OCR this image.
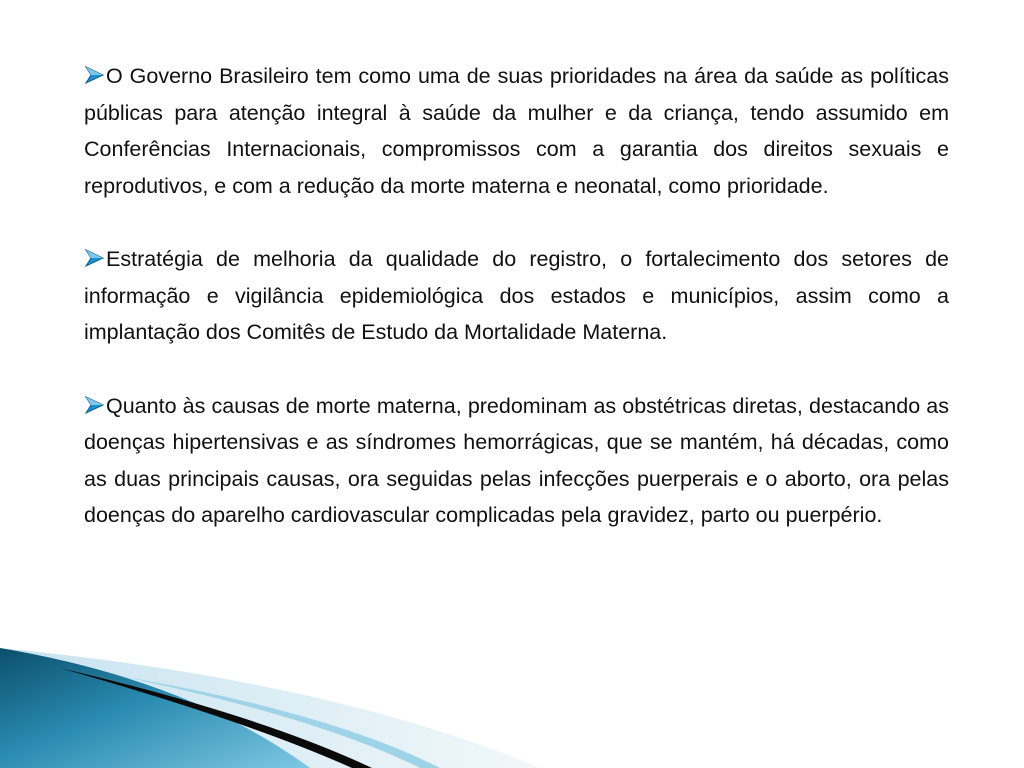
O Governo Brasileiro tem como uma de suas prioridades na área da saúde as políticas públicas para atenção integral à saúde da mulher e da criança, tendo assumido em Conferências Internacionais, compromissos com a garantia dos direitos sexuais e reprodutivos, e com a redução da morte materna e neonatal, como prioridade.
Estratégia de melhoria da qualidade do registro, o fortalecimento dos setores de informação e vigilância epidemiológica dos estados e municípios, assim como a implantação dos Comitês de Estudo da Mortalidade Materna.
Quanto às causas de morte materna, predominam as obstétricas diretas, destacando as doenças hipertensivas e as síndromes hemorrágicas, que se mantém, há décadas, como as duas principais causas, ora seguidas pelas infecções puerperais e o aborto, ora pelas doenças do aparelho cardiovascular complicadas pela gravidez, parto ou puerpério.
